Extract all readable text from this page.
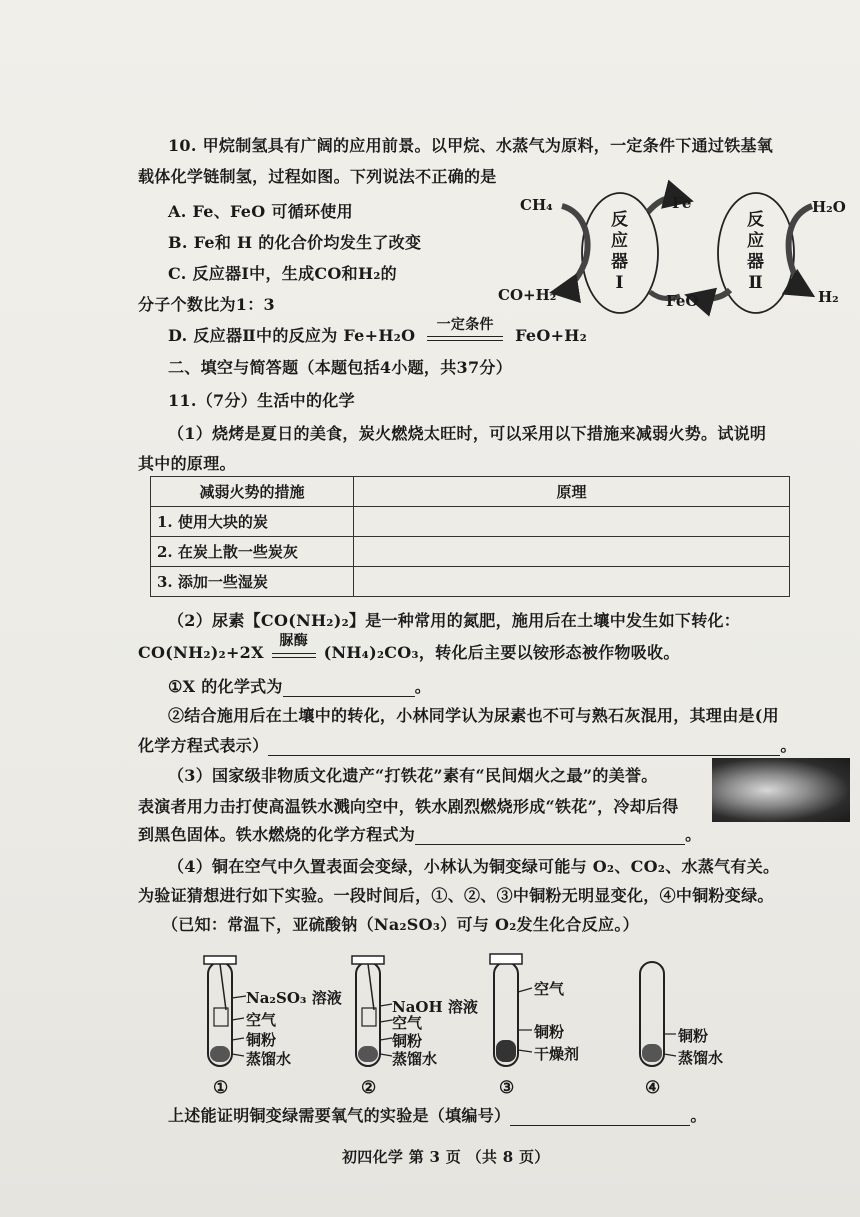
10. 甲烷制氢具有广阔的应用前景。以甲烷、水蒸气为原料，一定条件下通过铁基氧
载体化学链制氢，过程如图。下列说法不正确的是
A. Fe、FeO 可循环使用
B. Fe和 H 的化合价均发生了改变
C. 反应器Ⅰ中，生成CO和H₂的
分子个数比为1：3
D. 反应器Ⅱ中的反应为 Fe+H₂O
一定条件
FeO+H₂
CH₄	Fe	H₂O
CO+H₂	FeO	H₂
反
应
器
Ⅰ
反
应
器
Ⅱ
二、填空与简答题（本题包括4小题，共37分）
11.（7分）生活中的化学
（1）烧烤是夏日的美食，炭火燃烧太旺时，可以采用以下措施来减弱火势。试说明
其中的原理。
减弱火势的措施	原理
1. 使用大块的炭	
2. 在炭上散一些炭灰	
3. 添加一些湿炭	
（2）尿素【CO(NH₂)₂】是一种常用的氮肥，施用后在土壤中发生如下转化：
CO(NH₂)₂+2X
脲酶
(NH₄)₂CO₃，转化后主要以铵形态被作物吸收。
①X 的化学式为	。
②结合施用后在土壤中的转化，小林同学认为尿素也不可与熟石灰混用，其理由是(用
化学方程式表示）	。
（3）国家级非物质文化遗产“打铁花”素有“民间烟火之最”的美誉。
表演者用力击打使高温铁水溅向空中，铁水剧烈燃烧形成“铁花”，冷却后得
到黑色固体。铁水燃烧的化学方程式为	。
（4）铜在空气中久置表面会变绿，小林认为铜变绿可能与 O₂、CO₂、水蒸气有关。
为验证猜想进行如下实验。一段时间后，①、②、③中铜粉无明显变化，④中铜粉变绿。
（已知：常温下，亚硫酸钠（Na₂SO₃）可与 O₂发生化合反应。）
Na₂SO₃ 溶液
空气
铜粉
蒸馏水
NaOH 溶液
空气
铜粉
蒸馏水
空气
铜粉
干燥剂
铜粉
蒸馏水
①	②	③	④
上述能证明铜变绿需要氧气的实验是（填编号）	。
初四化学 第 3 页 （共 8 页）
